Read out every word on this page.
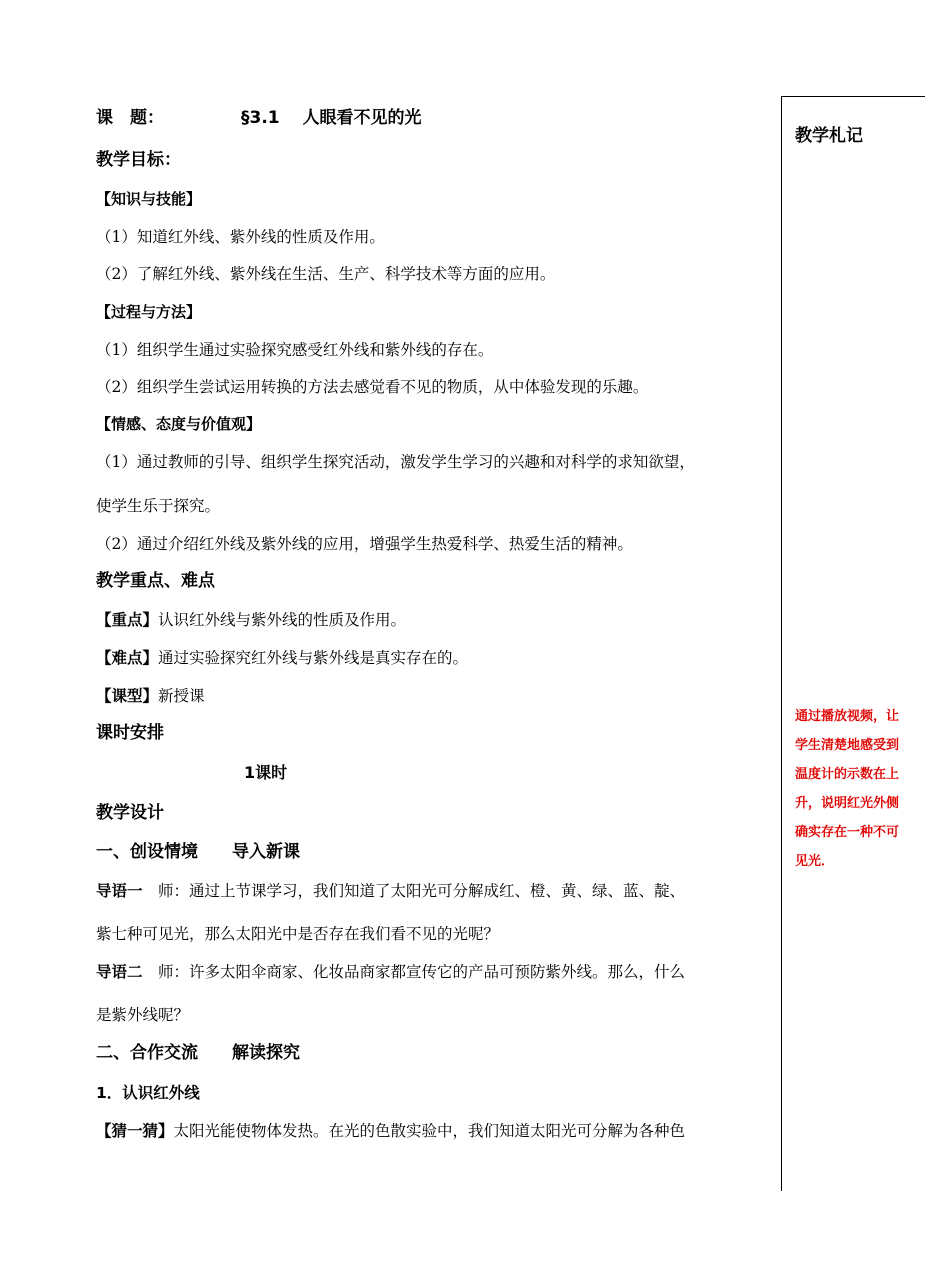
课　题：	§3.1　 人眼看不见的光
教学目标：
【知识与技能】
（1）知道红外线、紫外线的性质及作用。
（2）了解红外线、紫外线在生活、生产、科学技术等方面的应用。
【过程与方法】
（1）组织学生通过实验探究感受红外线和紫外线的存在。
（2）组织学生尝试运用转换的方法去感觉看不见的物质，从中体验发现的乐趣。
【情感、态度与价值观】
（1）通过教师的引导、组织学生探究活动，激发学生学习的兴趣和对科学的求知欲望，
使学生乐于探究。
（2）通过介绍红外线及紫外线的应用，增强学生热爱科学、热爱生活的精神。
教学重点、难点
【重点】认识红外线与紫外线的性质及作用。
【难点】通过实验探究红外线与紫外线是真实存在的。
【课型】新授课
课时安排
1课时
教学设计
一、创设情境　　导入新课
导语一　师：通过上节课学习，我们知道了太阳光可分解成红、橙、黄、绿、蓝、靛、
紫七种可见光，那么太阳光中是否存在我们看不见的光呢？
导语二　师：许多太阳伞商家、化妆品商家都宣传它的产品可预防紫外线。那么，什么
是紫外线呢？
二、合作交流　　解读探究
1．认识红外线
【猜一猜】太阳光能使物体发热。在光的色散实验中，我们知道太阳光可分解为各种色
教学札记
通过播放视频，让
学生清楚地感受到
温度计的示数在上
升，说明红光外侧
确实存在一种不可
见光．
